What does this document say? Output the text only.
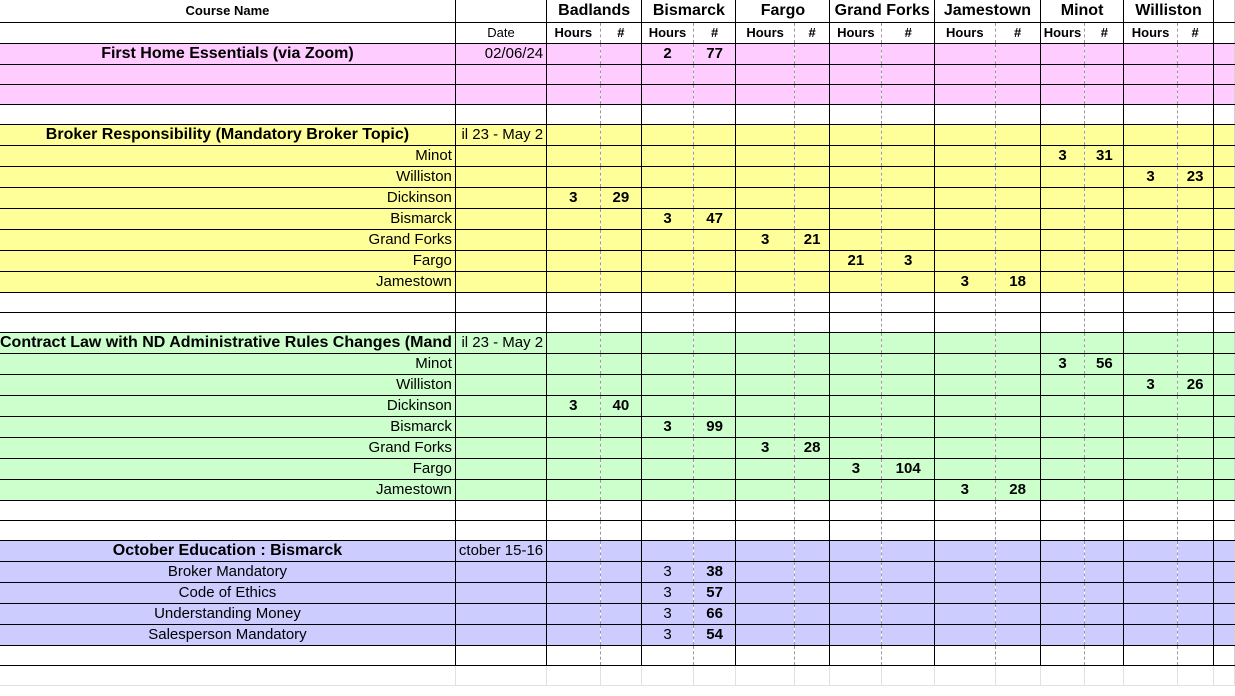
Course Name		Badlands		Bismarck		Fargo		Grand Forks		Jamestown		Minot		Williston		
	Date	Hours	#	Hours	#	Hours	#	Hours	#	Hours	#	Hours	#	Hours	#	
First Home Essentials (via Zoom)	02/06/24			2	77											

Broker Responsibility (Mandatory Broker Topic)	il 23 - May 2															
Minot												3	31			
Williston														3	23	
Dickinson		3	29													
Bismarck				3	47											
Grand Forks						3	21									
Fargo								21	3							
Jamestown										3	18					

Contract Law with ND Administrative Rules Changes (Mand	il 23 - May 2															
Minot												3	56			
Williston														3	26	
Dickinson		3	40													
Bismarck				3	99											
Grand Forks						3	28									
Fargo								3	104							
Jamestown										3	28					

October Education : Bismarck	ctober 15-16															
Broker Mandatory				3	38											
Code of Ethics				3	57											
Understanding Money				3	66											
Salesperson Mandatory				3	54											
